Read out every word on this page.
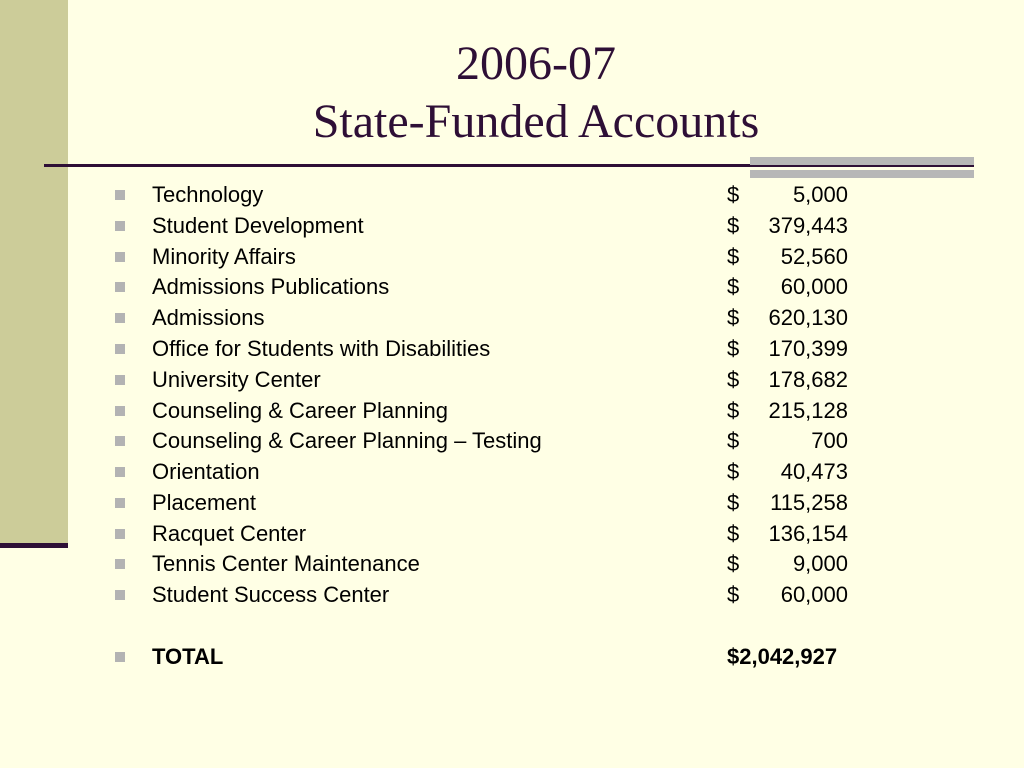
2006-07
State-Funded Accounts
Technology	$	5,000
Student Development	$	379,443
Minority Affairs	$	52,560
Admissions Publications	$	60,000
Admissions	$	620,130
Office for Students with Disabilities	$	170,399
University Center	$	178,682
Counseling & Career Planning	$	215,128
Counseling & Career Planning – Testing	$	700
Orientation	$	40,473
Placement	$	115,258
Racquet Center	$	136,154
Tennis Center Maintenance	$	9,000
Student Success Center	$	60,000
TOTAL	$2,042,927
